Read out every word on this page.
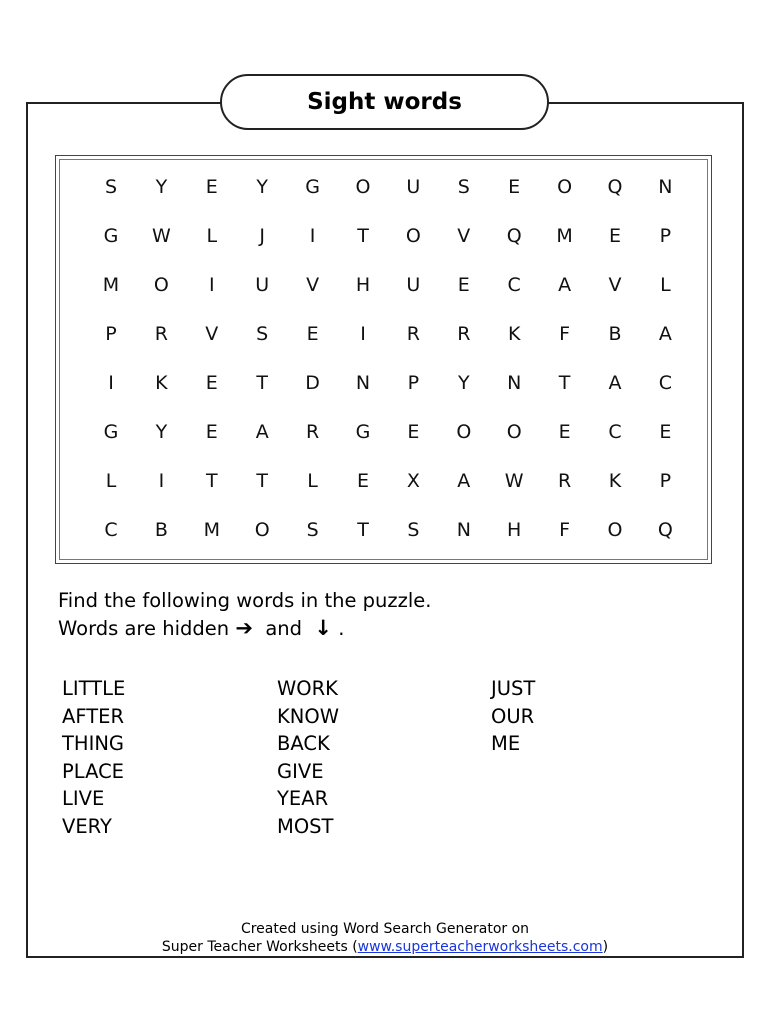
Sight words
S	Y	E	Y	G	O	U	S	E	O	Q	N
G	W	L	J	I	T	O	V	Q	M	E	P
M	O	I	U	V	H	U	E	C	A	V	L
P	R	V	S	E	I	R	R	K	F	B	A
I	K	E	T	D	N	P	Y	N	T	A	C
G	Y	E	A	R	G	E	O	O	E	C	E
L	I	T	T	L	E	X	A	W	R	K	P
C	B	M	O	S	T	S	N	H	F	O	Q
Find the following words in the puzzle.
Words are hidden ➔ and ↓ .
LITTLE
AFTER
THING
PLACE
LIVE
VERY
WORK
KNOW
BACK
GIVE
YEAR
MOST
JUST
OUR
ME
Created using Word Search Generator on
Super Teacher Worksheets (www.superteacherworksheets.com)
